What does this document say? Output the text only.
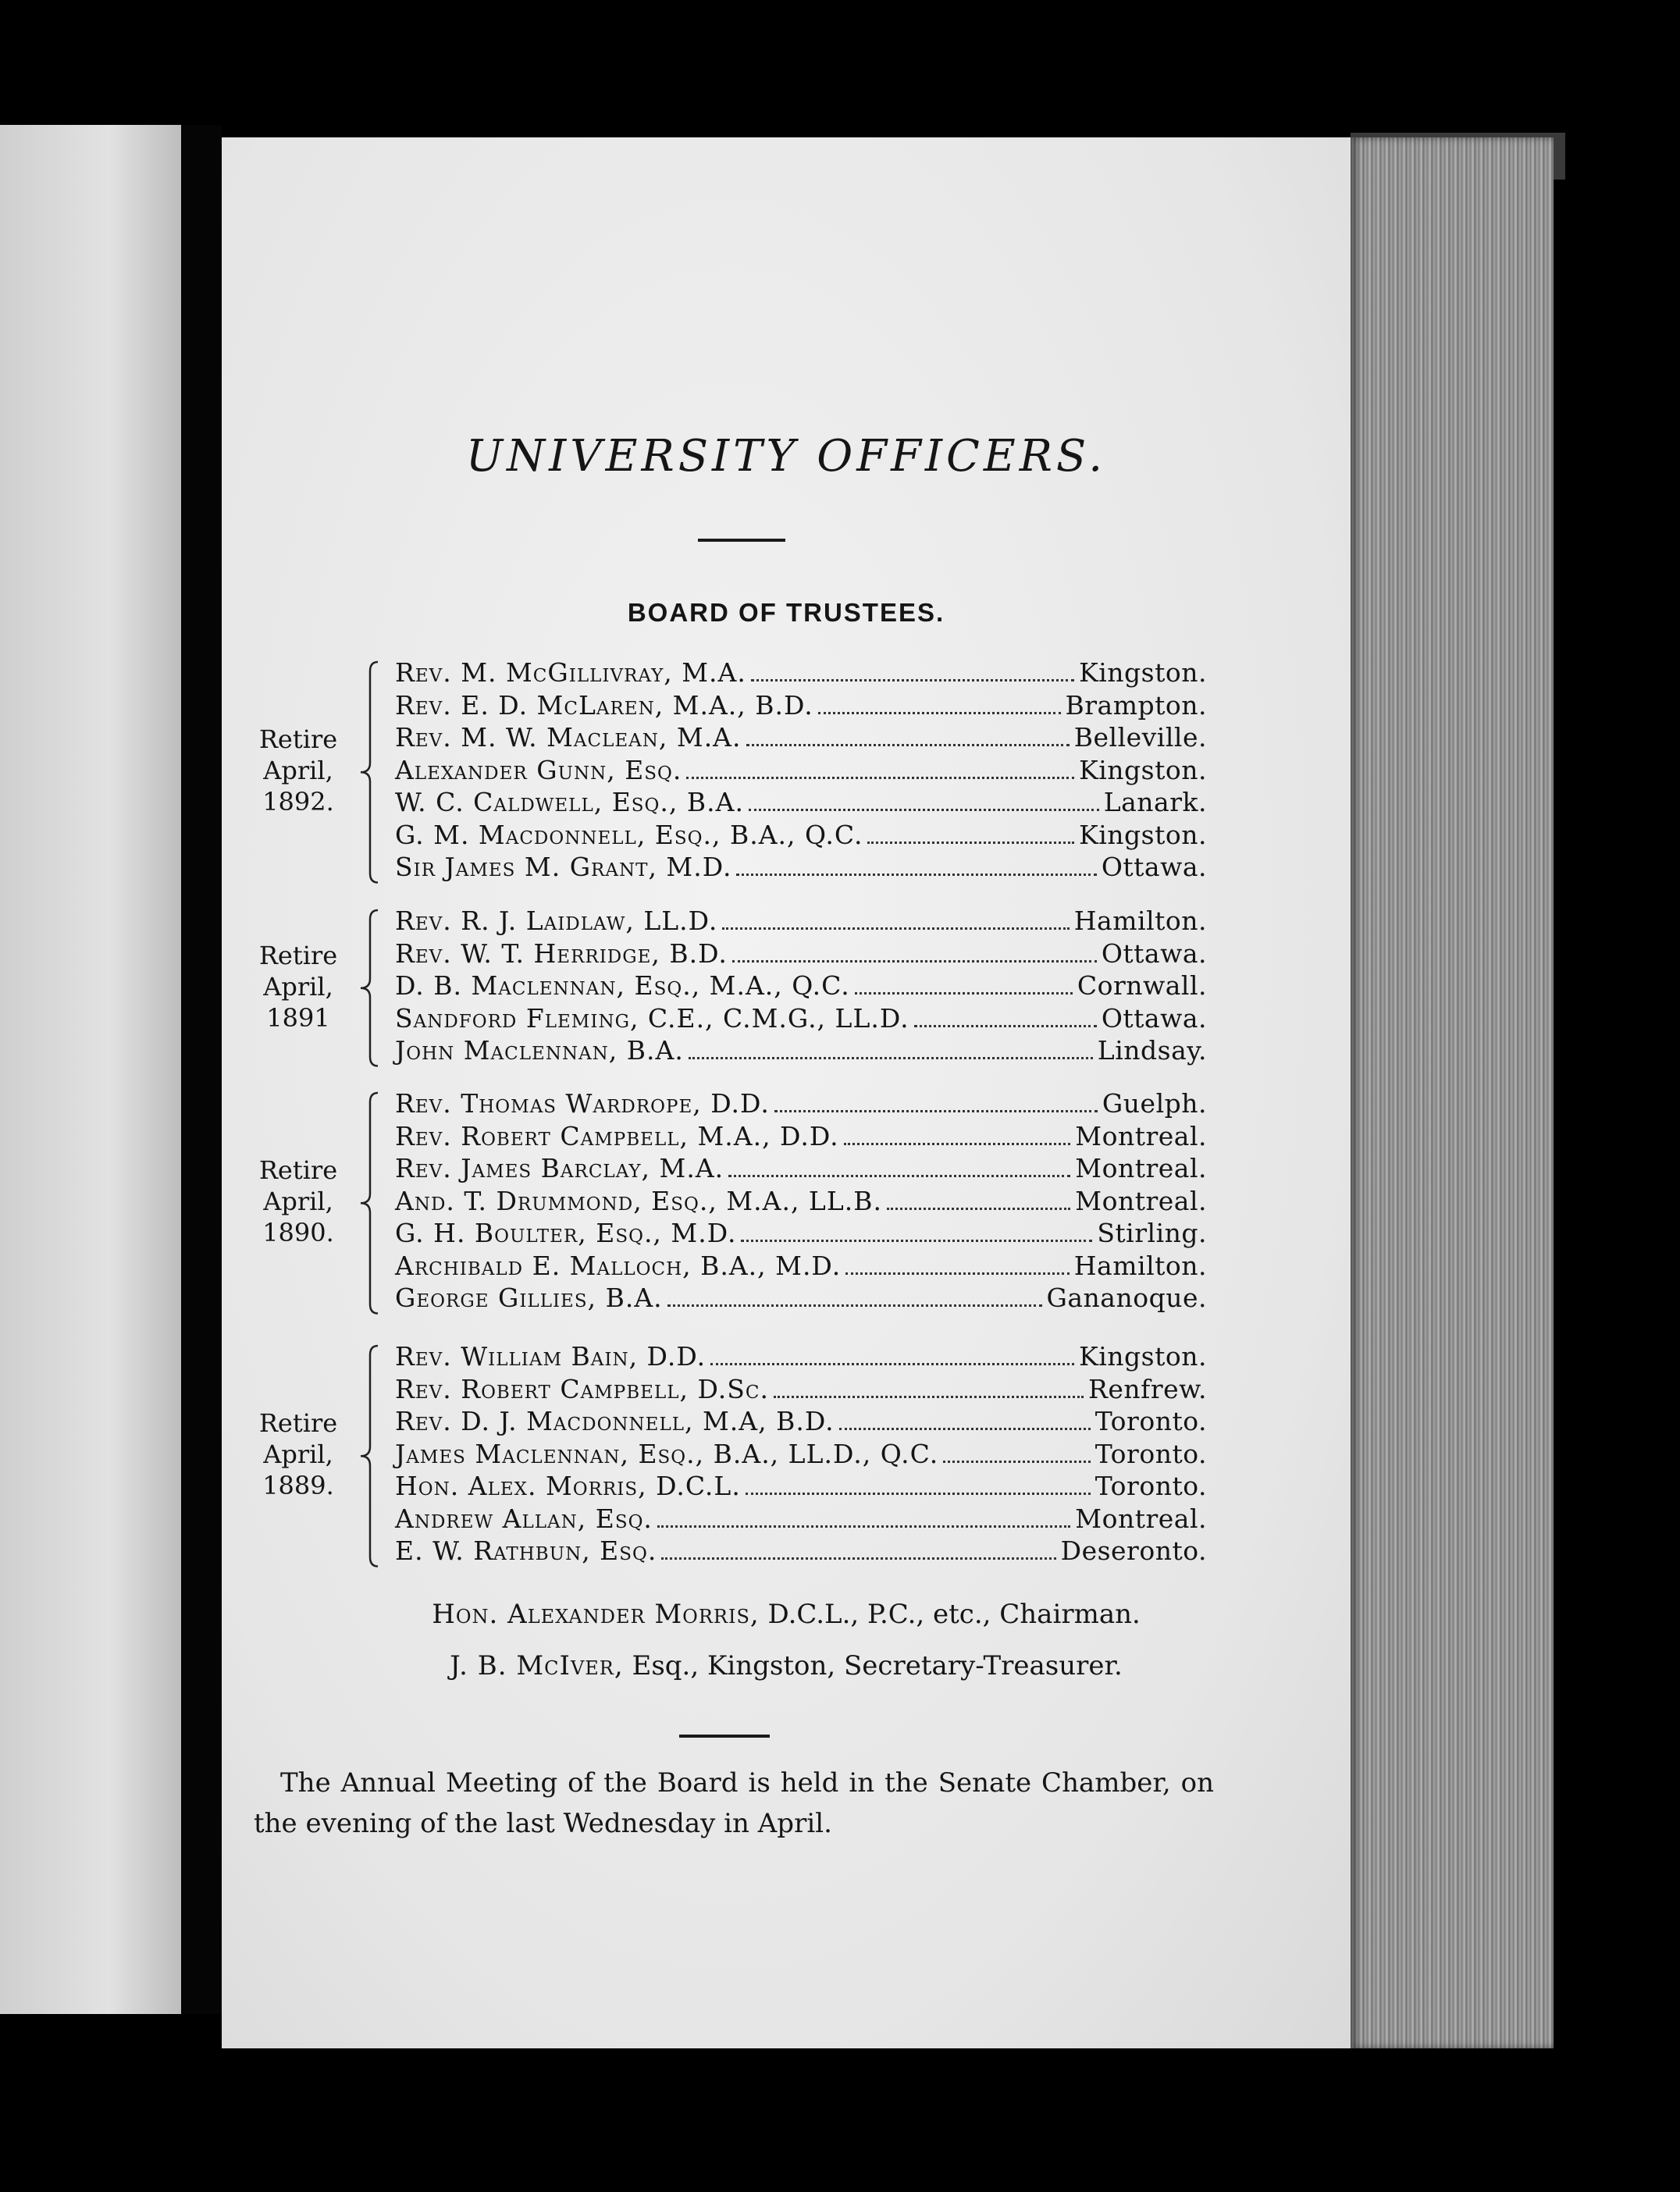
UNIVERSITY OFFICERS.
BOARD OF TRUSTEES.
Retire
April,
1892.
Rev. M. McGillivray, M.A.	Kingston.
Rev. E. D. McLaren, M.A., B.D.	Brampton.
Rev. M. W. Maclean, M.A.	Belleville.
Alexander Gunn, Esq.	Kingston.
W. C. Caldwell, Esq., B.A.	Lanark.
G. M. Macdonnell, Esq., B.A., Q.C.	Kingston.
Sir James M. Grant, M.D.	Ottawa.
Retire
April,
1891
Rev. R. J. Laidlaw, LL.D.	Hamilton.
Rev. W. T. Herridge, B.D.	Ottawa.
D. B. Maclennan, Esq., M.A., Q.C.	Cornwall.
Sandford Fleming, C.E., C.M.G., LL.D.	Ottawa.
John Maclennan, B.A.	Lindsay.
Retire
April,
1890.
Rev. Thomas Wardrope, D.D.	Guelph.
Rev. Robert Campbell, M.A., D.D.	Montreal.
Rev. James Barclay, M.A.	Montreal.
And. T. Drummond, Esq., M.A., LL.B.	Montreal.
G. H. Boulter, Esq., M.D.	Stirling.
Archibald E. Malloch, B.A., M.D.	Hamilton.
George Gillies, B.A.	Gananoque.
Retire
April,
1889.
Rev. William Bain, D.D.	Kingston.
Rev. Robert Campbell, D.Sc.	Renfrew.
Rev. D. J. Macdonnell, M.A, B.D.	Toronto.
James Maclennan, Esq., B.A., LL.D., Q.C.	Toronto.
Hon. Alex. Morris, D.C.L.	Toronto.
Andrew Allan, Esq.	Montreal.
E. W. Rathbun, Esq.	Deseronto.

Hon. Alexander Morris, D.C.L., P.C., etc., Chairman.

J. B. McIver, Esq., Kingston, Secretary-Treasurer.

The Annual Meeting of the Board is held in the Senate Chamber, on the evening of the last Wednesday in April.
